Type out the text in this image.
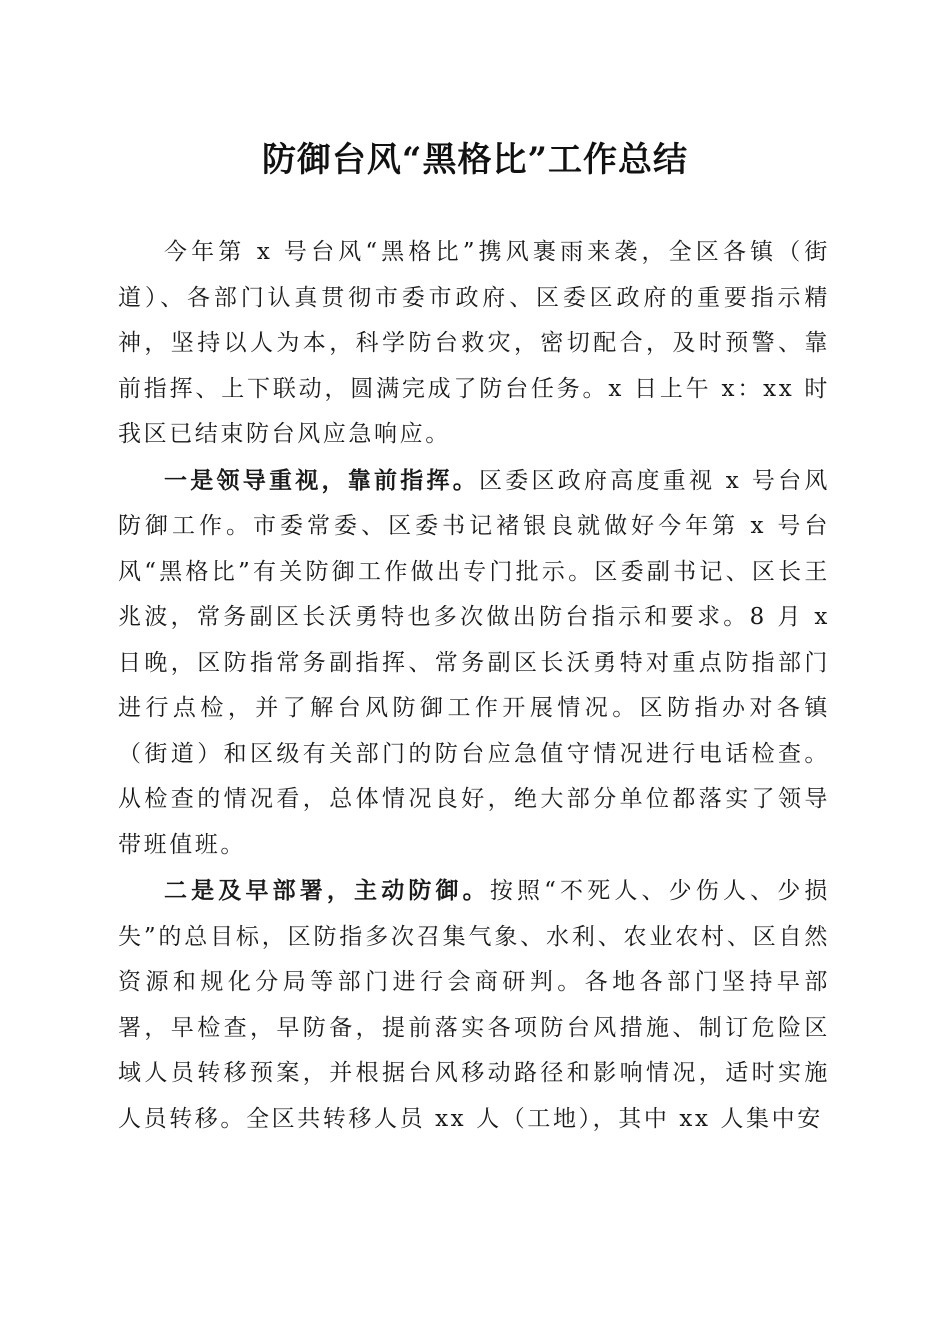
防御台风“黑格比”工作总结

今年第 x 号台风“黑格比”携风裹雨来袭，全区各镇（街道）、各部门认真贯彻市委市政府、区委区政府的重要指示精神，坚持以人为本，科学防台救灾，密切配合，及时预警、靠前指挥、上下联动，圆满完成了防台任务。x 日上午 x：xx 时我区已结束防台风应急响应。

一是领导重视，靠前指挥。区委区政府高度重视 x 号台风防御工作。市委常委、区委书记褚银良就做好今年第 x 号台风“黑格比”有关防御工作做出专门批示。区委副书记、区长王兆波，常务副区长沃勇特也多次做出防台指示和要求。8 月 x 日晚，区防指常务副指挥、常务副区长沃勇特对重点防指部门进行点检，并了解台风防御工作开展情况。区防指办对各镇（街道）和区级有关部门的防台应急值守情况进行电话检查。从检查的情况看，总体情况良好，绝大部分单位都落实了领导带班值班。

二是及早部署，主动防御。按照“不死人、少伤人、少损失”的总目标，区防指多次召集气象、水利、农业农村、区自然资源和规化分局等部门进行会商研判。各地各部门坚持早部署，早检查，早防备，提前落实各项防台风措施、制订危险区域人员转移预案，并根据台风移动路径和影响情况，适时实施人员转移。全区共转移人员 xx 人（工地），其中 xx 人集中安
